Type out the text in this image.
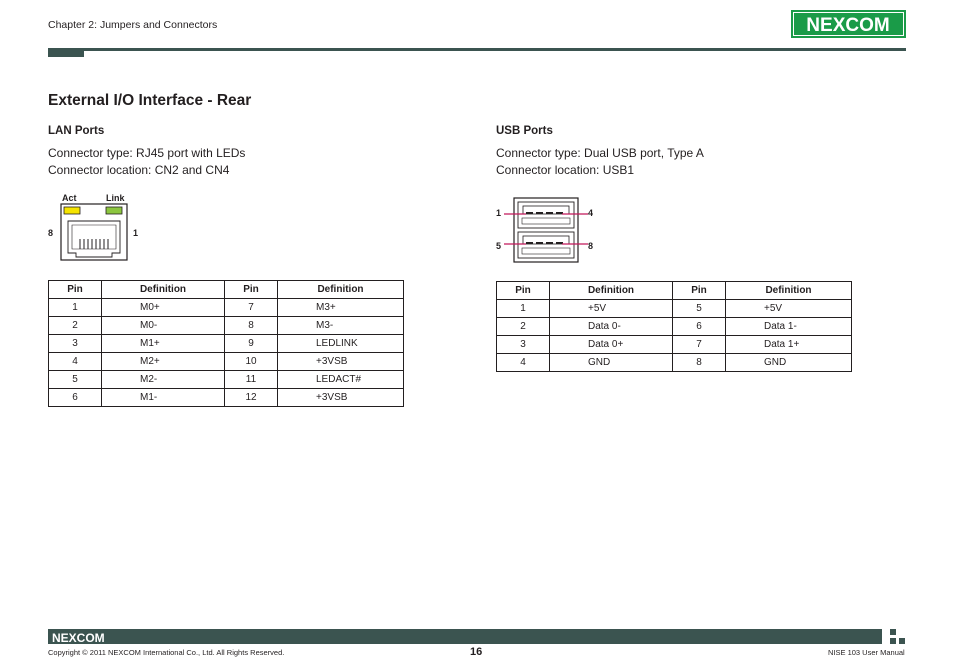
Chapter 2: Jumpers and Connectors	NEXCOM
External I/O Interface - Rear
LAN Ports
Connector type: RJ45 port with LEDs
Connector location: CN2 and CN4
Act	Link
8	1
Pin	Definition	Pin	Definition
1	M0+	7	M3+
2	M0-	8	M3-
3	M1+	9	LEDLINK
4	M2+	10	+3VSB
5	M2-	11	LEDACT#
6	M1-	12	+3VSB
USB Ports
Connector type: Dual USB port, Type A
Connector location: USB1
1	4
5	8
Pin	Definition	Pin	Definition
1	+5V	5	+5V
2	Data 0-	6	Data 1-
3	Data 0+	7	Data 1+
4	GND	8	GND
NEXCOM
Copyright © 2011 NEXCOM International Co., Ltd. All Rights Reserved.	16	NISE 103 User Manual
